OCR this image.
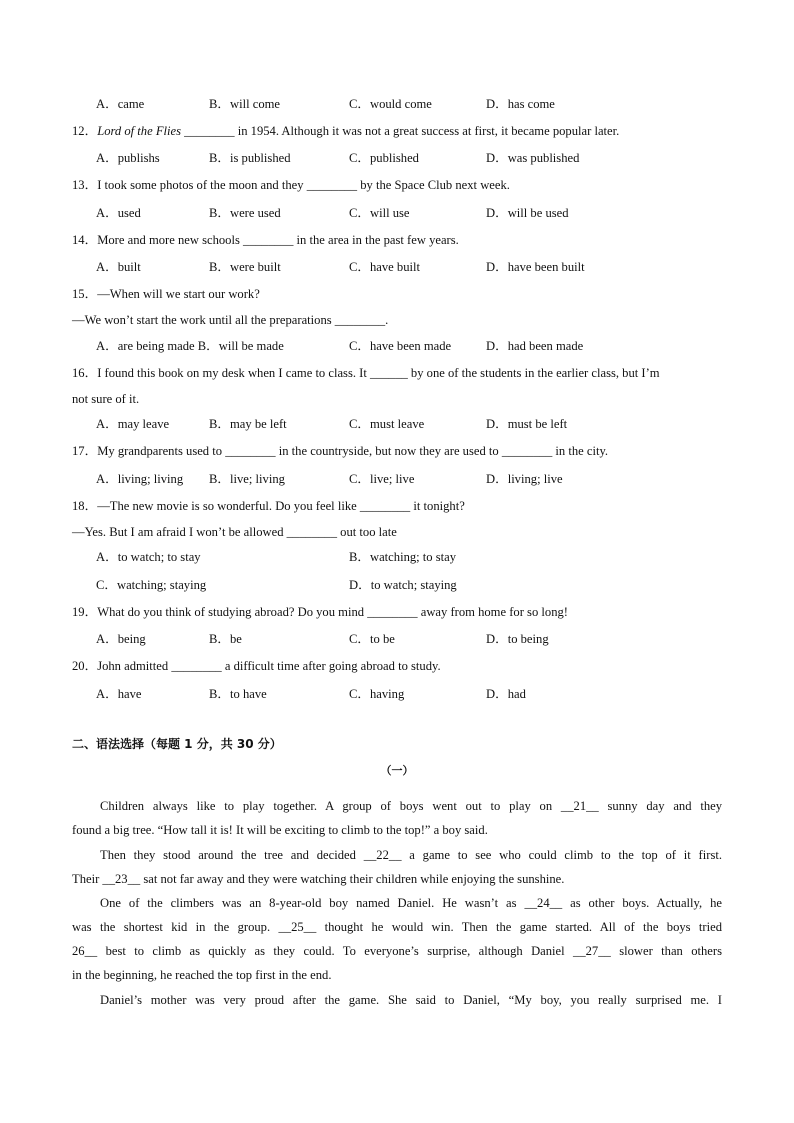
A．came	B．will come	C．would come	D．has come
12．Lord of the Flies ________ in 1954. Although it was not a great success at first, it became popular later.
A．publishs	B．is published	C．published	D．was published
13．I took some photos of the moon and they ________ by the Space Club next week.
A．used	B．were used	C．will use	D．will be used
14．More and more new schools ________ in the area in the past few years.
A．built	B．were built	C．have built	D．have been built
15．—When will we start our work?
—We won’t start the work until all the preparations ________.
A．are being made B．will be made	C．have been made	D．had been made
16．I found this book on my desk when I came to class. It ______ by one of the students in the earlier class, but I’m
not sure of it.
A．may leave	B．may be left	C．must leave	D．must be left
17．My grandparents used to ________ in the countryside, but now they are used to ________ in the city.
A．living; living B．live; living	C．live; live	D．living; live
18．—The new movie is so wonderful. Do you feel like ________ it tonight?
—Yes. But I am afraid I won’t be allowed ________ out too late
A．to watch; to stay	B．watching; to stay
C．watching; staying	D．to watch; staying
19．What do you think of studying abroad? Do you mind ________ away from home for so long!
A．being	B．be	C．to be	D．to being
20．John admitted ________ a difficult time after going abroad to study.
A．have	B．to have	C．having	D．had
二、语法选择（每题 1 分，共 30 分）
（一）
Children always like to play together. A group of boys went out to play on __21__ sunny day and they
found a big tree. “How tall it is! It will be exciting to climb to the top!” a boy said.
Then they stood around the tree and decided __22__ a game to see who could climb to the top of it first.
Their __23__ sat not far away and they were watching their children while enjoying the sunshine.
One of the climbers was an 8-year-old boy named Daniel. He wasn’t as __24__ as other boys. Actually, he
was the shortest kid in the group. __25__ thought he would win. Then the game started. All of the boys tried
26__ best to climb as quickly as they could. To everyone’s surprise, although Daniel __27__ slower than others
in the beginning, he reached the top first in the end.
Daniel’s mother was very proud after the game. She said to Daniel, “My boy, you really surprised me. I
